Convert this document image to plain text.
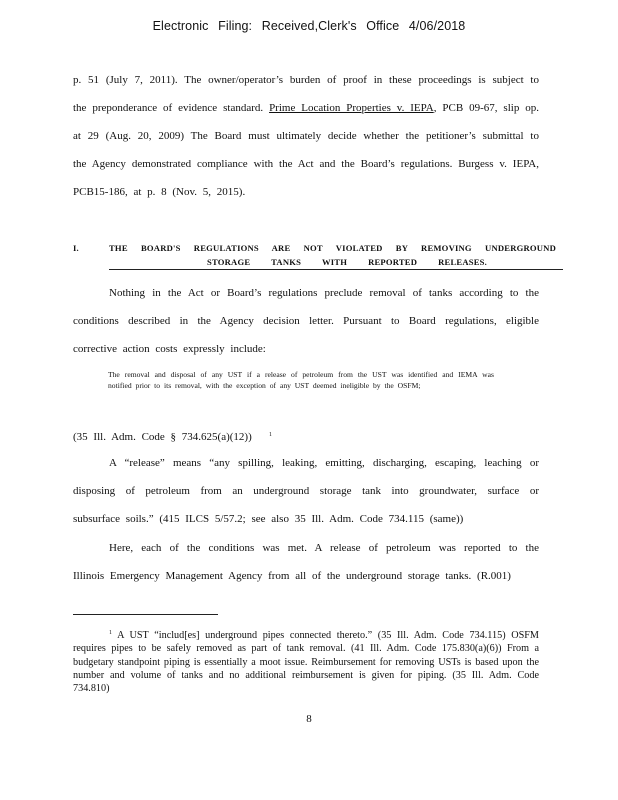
Electronic Filing: Received,Clerk's Office 4/06/2018
p. 51 (July 7, 2011). The owner/operator’s burden of proof in these proceedings is subject to the preponderance of evidence standard. Prime Location Properties v. IEPA, PCB 09-67, slip op. at 29 (Aug. 20, 2009) The Board must ultimately decide whether the petitioner’s submittal to the Agency demonstrated compliance with the Act and the Board’s regulations. Burgess v. IEPA, PCB15-186, at p. 8 (Nov. 5, 2015).
I.	THE BOARD'S REGULATIONS ARE NOT VIOLATED BY REMOVING UNDERGROUND
STORAGE TANKS WITH REPORTED RELEASES.
Nothing in the Act or Board’s regulations preclude removal of tanks according to the conditions described in the Agency decision letter. Pursuant to Board regulations, eligible corrective action costs expressly include:
The removal and disposal of any UST if a release of petroleum from the UST was identified and IEMA was notified prior to its removal, with the exception of any UST deemed ineligible by the OSFM;
(35 Ill. Adm. Code § 734.625(a)(12))	$^1$
A “release” means “any spilling, leaking, emitting, discharging, escaping, leaching or disposing of petroleum from an underground storage tank into groundwater, surface or subsurface soils.” (415 ILCS 5/57.2; see also 35 Ill. Adm. Code 734.115 (same))
Here, each of the conditions was met. A release of petroleum was reported to the Illinois Emergency Management Agency from all of the underground storage tanks. (R.001)
$^1$ A UST “includ[es] underground pipes connected thereto.” (35 Ill. Adm. Code 734.115) OSFM requires pipes to be safely removed as part of tank removal. (41 Ill. Adm. Code 175.830(a)(6)) From a budgetary standpoint piping is essentially a moot issue. Reimbursement for removing USTs is based upon the number and volume of tanks and no additional reimbursement is given for piping. (35 Ill. Adm. Code 734.810)
8
